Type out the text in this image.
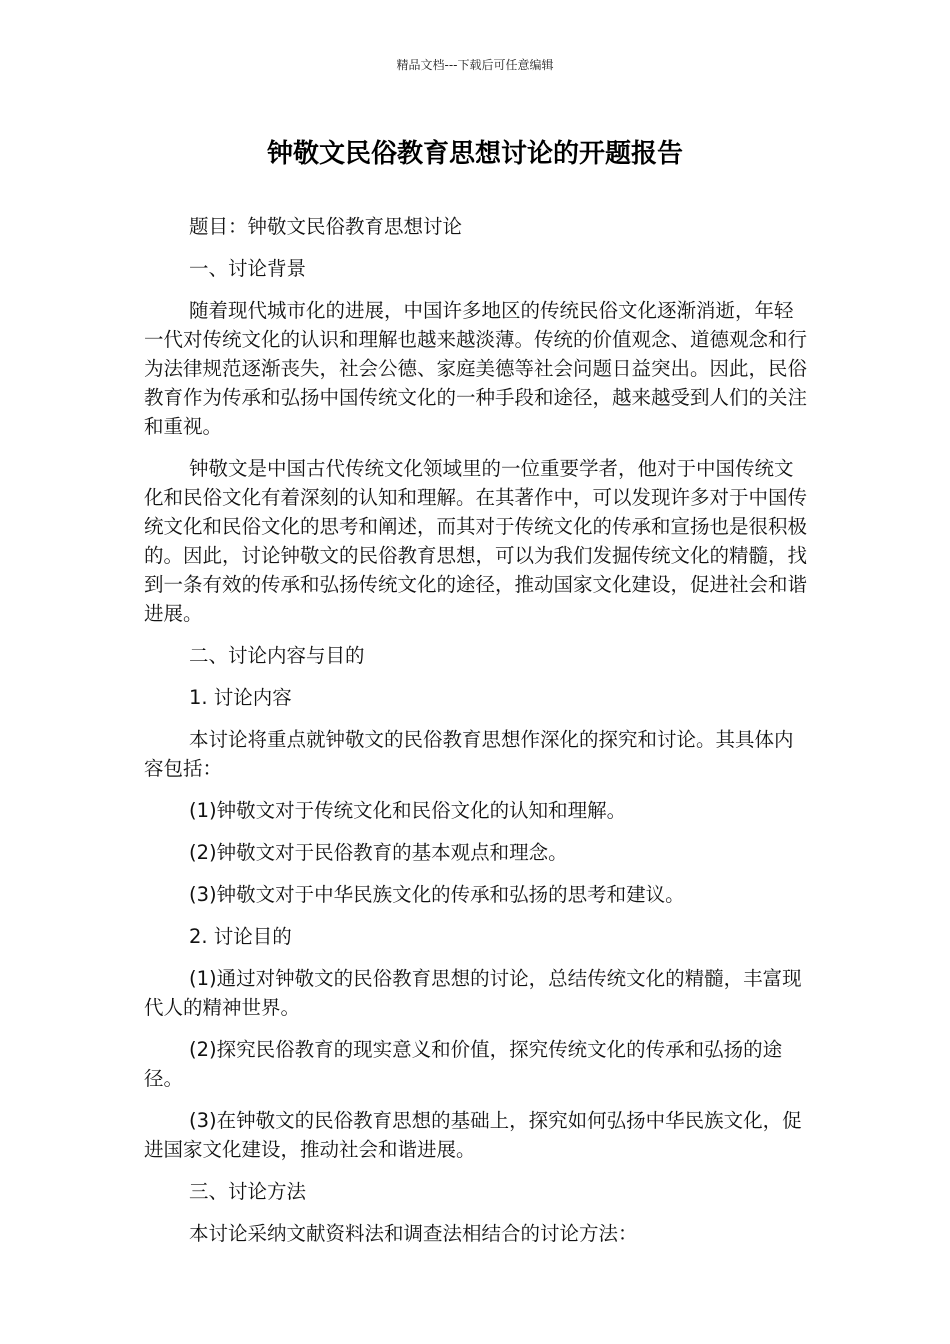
精品文档---下载后可任意编辑
钟敬文民俗教育思想讨论的开题报告

题目：钟敬文民俗教育思想讨论

一、讨论背景

随着现代城市化的进展，中国许多地区的传统民俗文化逐渐消逝，年轻一代对传统文化的认识和理解也越来越淡薄。传统的价值观念、道德观念和行为法律规范逐渐丧失，社会公德、家庭美德等社会问题日益突出。因此，民俗教育作为传承和弘扬中国传统文化的一种手段和途径，越来越受到人们的关注和重视。

钟敬文是中国古代传统文化领域里的一位重要学者，他对于中国传统文化和民俗文化有着深刻的认知和理解。在其著作中，可以发现许多对于中国传统文化和民俗文化的思考和阐述，而其对于传统文化的传承和宣扬也是很积极的。因此，讨论钟敬文的民俗教育思想，可以为我们发掘传统文化的精髓，找到一条有效的传承和弘扬传统文化的途径，推动国家文化建设，促进社会和谐进展。

二、讨论内容与目的

1. 讨论内容

本讨论将重点就钟敬文的民俗教育思想作深化的探究和讨论。其具体内容包括：

(1)钟敬文对于传统文化和民俗文化的认知和理解。

(2)钟敬文对于民俗教育的基本观点和理念。

(3)钟敬文对于中华民族文化的传承和弘扬的思考和建议。

2. 讨论目的

(1)通过对钟敬文的民俗教育思想的讨论，总结传统文化的精髓，丰富现代人的精神世界。

(2)探究民俗教育的现实意义和价值，探究传统文化的传承和弘扬的途径。

(3)在钟敬文的民俗教育思想的基础上，探究如何弘扬中华民族文化，促进国家文化建设，推动社会和谐进展。

三、讨论方法

本讨论采纳文献资料法和调查法相结合的讨论方法：
